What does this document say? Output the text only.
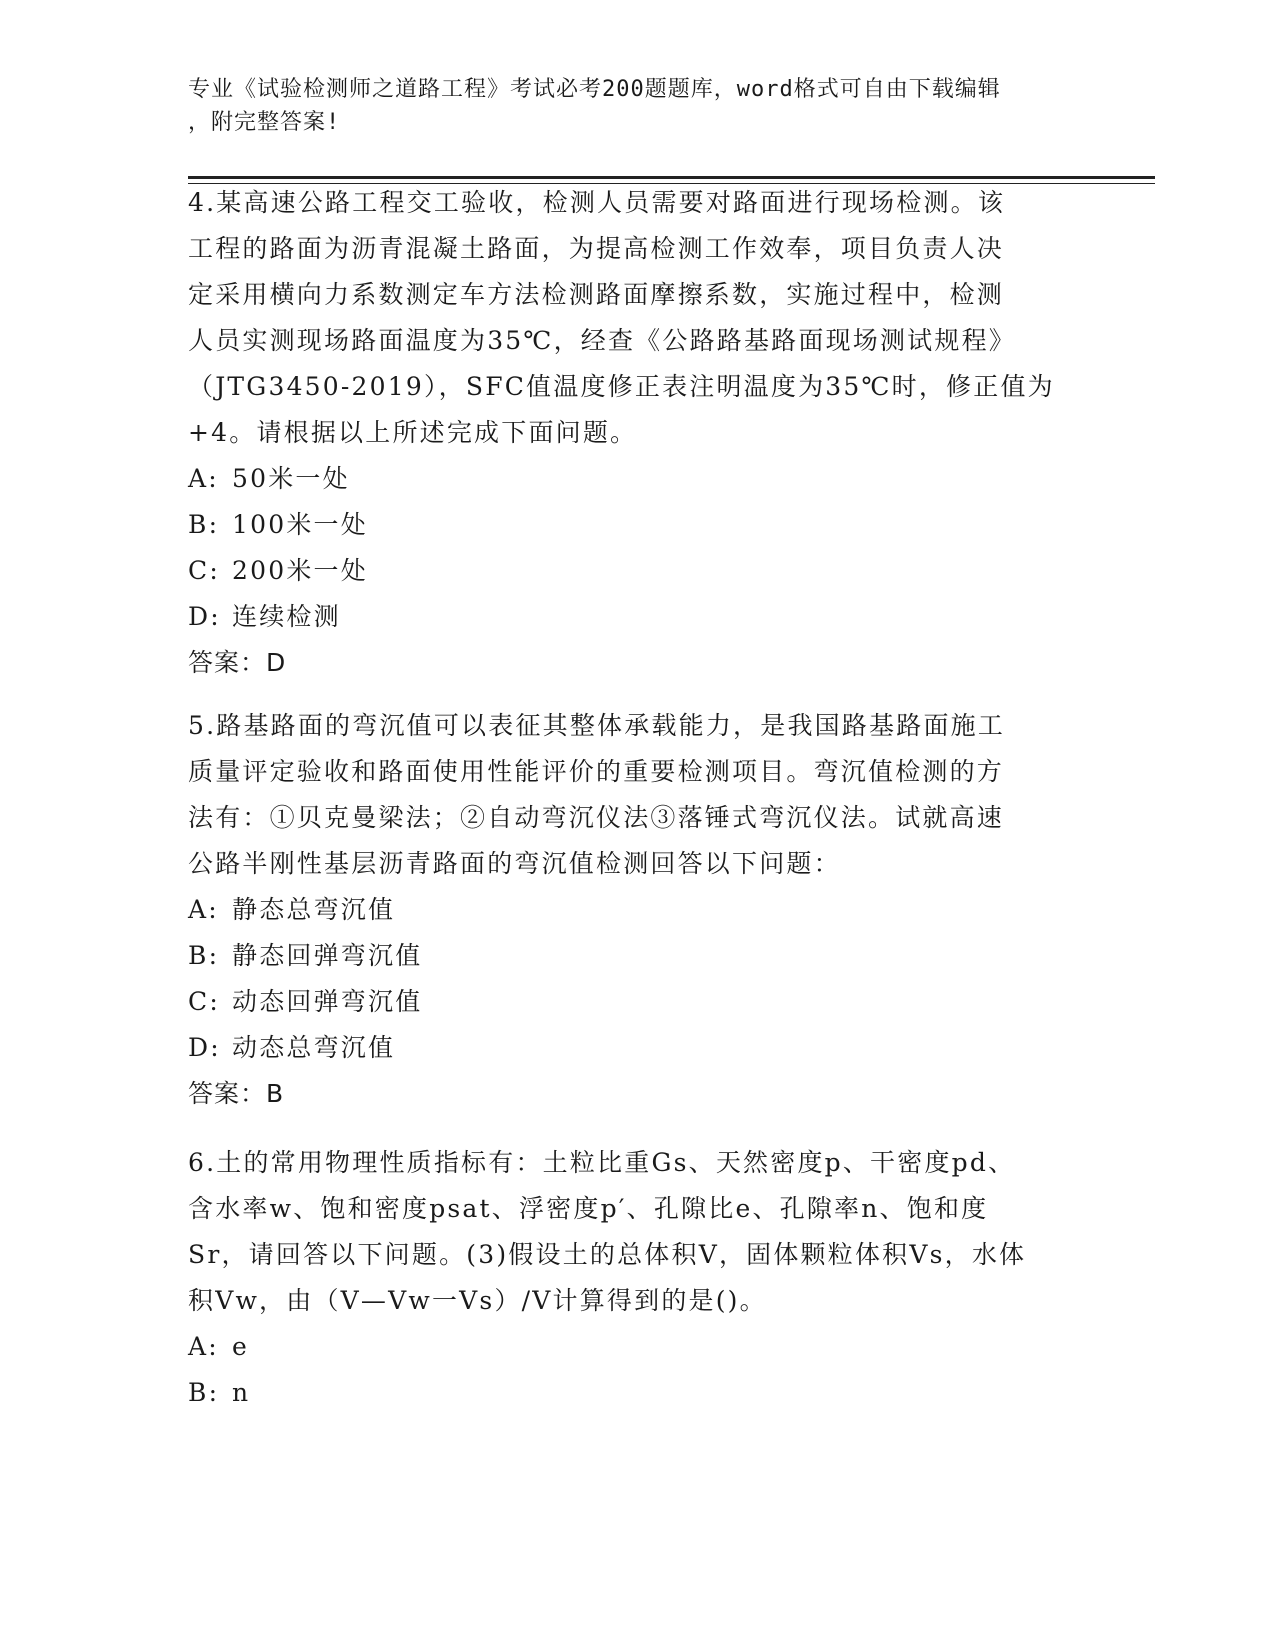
专业《试验检测师之道路工程》考试必考200题题库，word格式可自由下载编辑
，附完整答案!
4.某高速公路工程交工验收，检测人员需要对路面进行现场检测。该
工程的路面为沥青混凝土路面，为提高检测工作效奉，项目负责人决
定采用横向力系数测定车方法检测路面摩擦系数，实施过程中，检测
人员实测现场路面温度为35℃，经查《公路路基路面现场测试规程》
（JTG3450-2019），SFC值温度修正表注明温度为35℃时，修正值为
+4。请根据以上所述完成下面问题。
A: 50米一处
B: 100米一处
C: 200米一处
D: 连续检测
答案：D
5.路基路面的弯沉值可以表征其整体承载能力，是我国路基路面施工
质量评定验收和路面使用性能评价的重要检测项目。弯沉值检测的方
法有：①贝克曼梁法；②自动弯沉仪法③落锤式弯沉仪法。试就高速
公路半刚性基层沥青路面的弯沉值检测回答以下问题：
A: 静态总弯沉值
B: 静态回弹弯沉值
C: 动态回弹弯沉值
D: 动态总弯沉值
答案：B
6.土的常用物理性质指标有：土粒比重Gs、天然密度p、干密度pd、
含水率w、饱和密度psat、浮密度p′、孔隙比e、孔隙率n、饱和度
Sr，请回答以下问题。(3)假设土的总体积V，固体颗粒体积Vs，水体
积Vw，由（V—Vw一Vs）/V计算得到的是()。
A: e
B: n
